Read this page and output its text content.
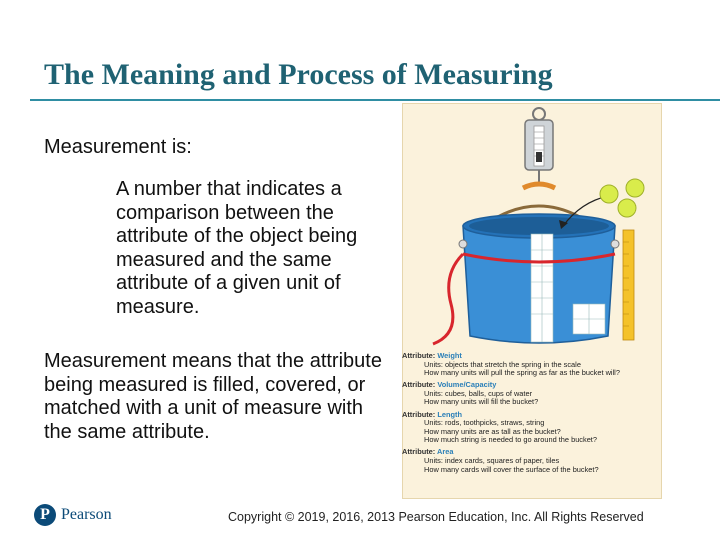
The Meaning and Process of Measuring
Measurement is:
A number that indicates a comparison between the attribute of the object being measured and the same attribute of a given unit of measure.
Measurement means that the attribute being measured is filled, covered, or matched with a unit of measure with the same attribute.
Attribute: Weight
Units: objects that stretch the spring in the scale
How many units will pull the spring as far as the bucket will?
Attribute: Volume/Capacity
Units: cubes, balls, cups of water
How many units will fill the bucket?
Attribute: Length
Units: rods, toothpicks, straws, string
How many units are as tall as the bucket?
How much string is needed to go around the bucket?
Attribute: Area
Units: index cards, squares of paper, tiles
How many cards will cover the surface of the bucket?
P Pearson	Copyright © 2019, 2016, 2013 Pearson Education, Inc. All Rights Reserved
